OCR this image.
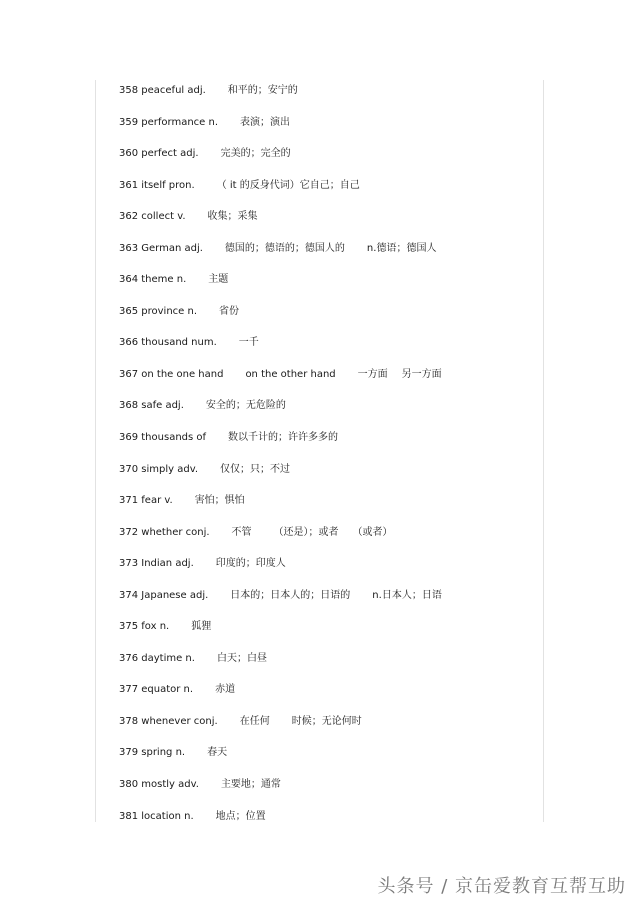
358 peaceful adj. 和平的；安宁的
359 performance n. 表演；演出
360 perfect adj. 完美的；完全的
361 itself pron. （ it 的反身代词）它自己；自己
362 collect v. 收集；采集
363 German adj. 德国的；德语的；德国人的 n.德语；德国人
364 theme n. 主题
365 province n. 省份
366 thousand num. 一千
367 on the one hand on the other hand 一方面 另一方面
368 safe adj. 安全的；无危险的
369 thousands of 数以千计的；许许多多的
370 simply adv. 仅仅；只；不过
371 fear v. 害怕；惧怕
372 whether conj. 不管 （还是）；或者 （或者）
373 Indian adj. 印度的；印度人
374 Japanese adj. 日本的；日本人的；日语的 n.日本人；日语
375 fox n. 狐狸
376 daytime n. 白天；白昼
377 equator n. 赤道
378 whenever conj. 在任何 时候；无论何时
379 spring n. 春天
380 mostly adv. 主要地；通常
381 location n. 地点；位置
头条号 / 京缶爱教育互帮互助
